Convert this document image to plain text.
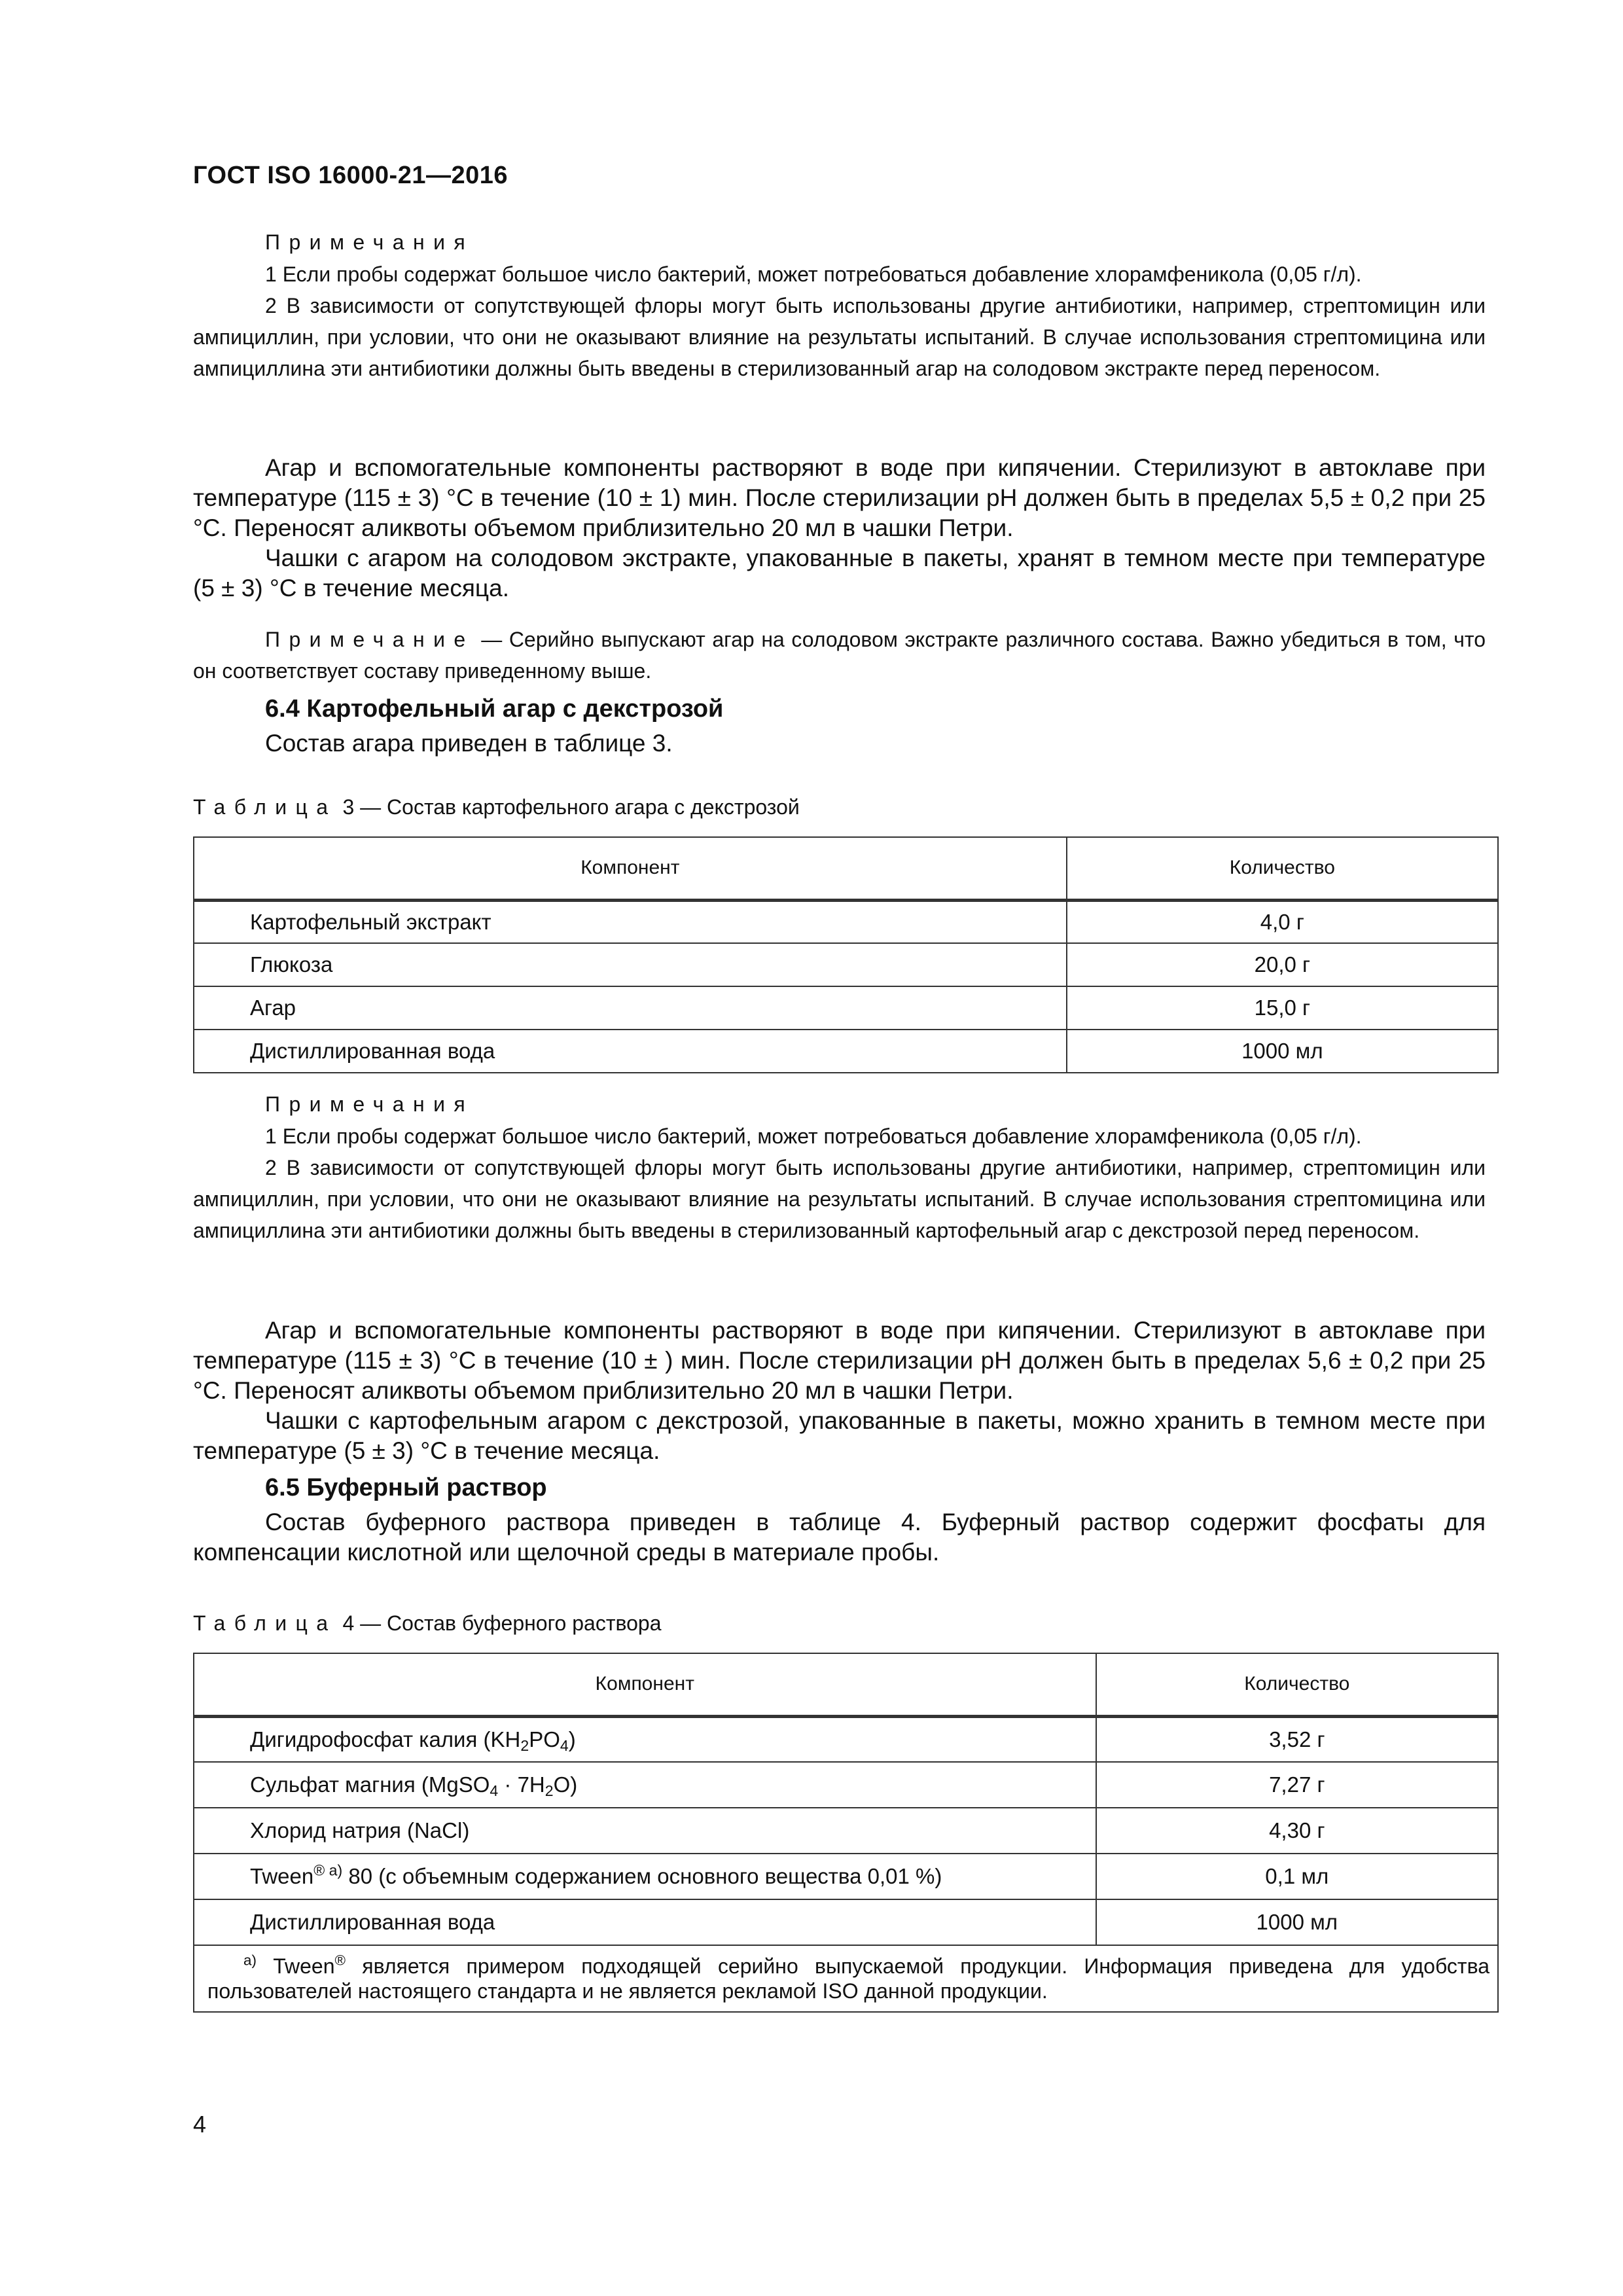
ГОСТ ISO 16000-21—2016

Примечания

1 Если пробы содержат большое число бактерий, может потребоваться добавление хлорамфеникола (0,05 г/л).

2 В зависимости от сопутствующей флоры могут быть использованы другие антибиотики, например, стрептомицин или ампициллин, при условии, что они не оказывают влияние на результаты испытаний. В случае использования стрептомицина или ампициллина эти антибиотики должны быть введены в стерилизованный агар на солодовом экстракте перед переносом.

Агар и вспомогательные компоненты растворяют в воде при кипячении. Стерилизуют в автоклаве при температуре (115 ± 3) °C в течение (10 ± 1) мин. После стерилизации pH должен быть в пределах 5,5 ± 0,2 при 25 °C. Переносят аликвоты объемом приблизительно 20 мл в чашки Петри.

Чашки с агаром на солодовом экстракте, упакованные в пакеты, хранят в темном месте при температуре (5 ± 3) °C в течение месяца.

Примечание — Серийно выпускают агар на солодовом экстракте различного состава. Важно убедиться в том, что он соответствует составу приведенному выше.

6.4 Картофельный агар с декстрозой

Состав агара приведен в таблице 3.

Таблица 3 — Состав картофельного агара с декстрозой

Компонент	Количество
Картофельный экстракт	4,0 г
Глюкоза	20,0 г
Агар	15,0 г
Дистиллированная вода	1000 мл

Примечания

1 Если пробы содержат большое число бактерий, может потребоваться добавление хлорамфеникола (0,05 г/л).

2 В зависимости от сопутствующей флоры могут быть использованы другие антибиотики, например, стрептомицин или ампициллин, при условии, что они не оказывают влияние на результаты испытаний. В случае использования стрептомицина или ампициллина эти антибиотики должны быть введены в стерилизованный картофельный агар с декстрозой перед переносом.

Агар и вспомогательные компоненты растворяют в воде при кипячении. Стерилизуют в автоклаве при температуре (115 ± 3) °C в течение (10 ± ) мин. После стерилизации pH должен быть в пределах 5,6 ± 0,2 при 25 °C. Переносят аликвоты объемом приблизительно 20 мл в чашки Петри.

Чашки с картофельным агаром с декстрозой, упакованные в пакеты, можно хранить в темном месте при температуре (5 ± 3) °C в течение месяца.

6.5 Буферный раствор

Состав буферного раствора приведен в таблице 4. Буферный раствор содержит фосфаты для компенсации кислотной или щелочной среды в материале пробы.

Таблица 4 — Состав буферного раствора

Компонент	Количество
Дигидрофосфат калия $(KH_2PO_4)$	3,52 г
Сульфат магния (MgSO$_4$ · $7H_2O$)	7,27 г
Хлорид натрия (NaCl)	4,30 г
Tween$^{® а)}$ 80 (с объемным содержанием основного вещества 0,01 %)	0,1 мл
Дистиллированная вода	1000 мл
$^{а)}$ Tween® является примером подходящей серийно выпускаемой продукции. Информация приведена для удобства пользователей настоящего стандарта и не является рекламой ISO данной продукции.	
4
